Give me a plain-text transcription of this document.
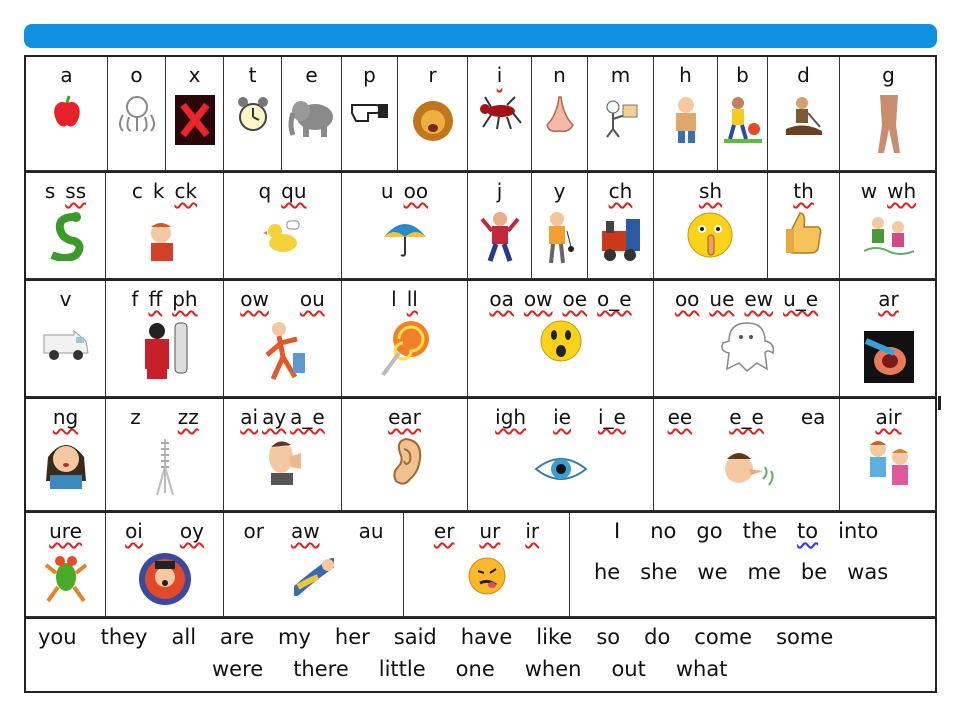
a	o	x	t	e	p	r	i	n	m	h	b	d	g
s ss	c k ck	q qu	u oo	j	y	ch	sh	th	w wh
v	f ff ph	ow ou	l ll	oa ow oe o_e	oo ue ew u_e	ar
ng	z zz	ai ay a_e	ear	igh ie i_e	ee e_e ea	air
ure	oi oy	or aw au	er ur ir	I no go the to into
he she we me be was
you they all are my her said have like so do come some
were there little one when out what
